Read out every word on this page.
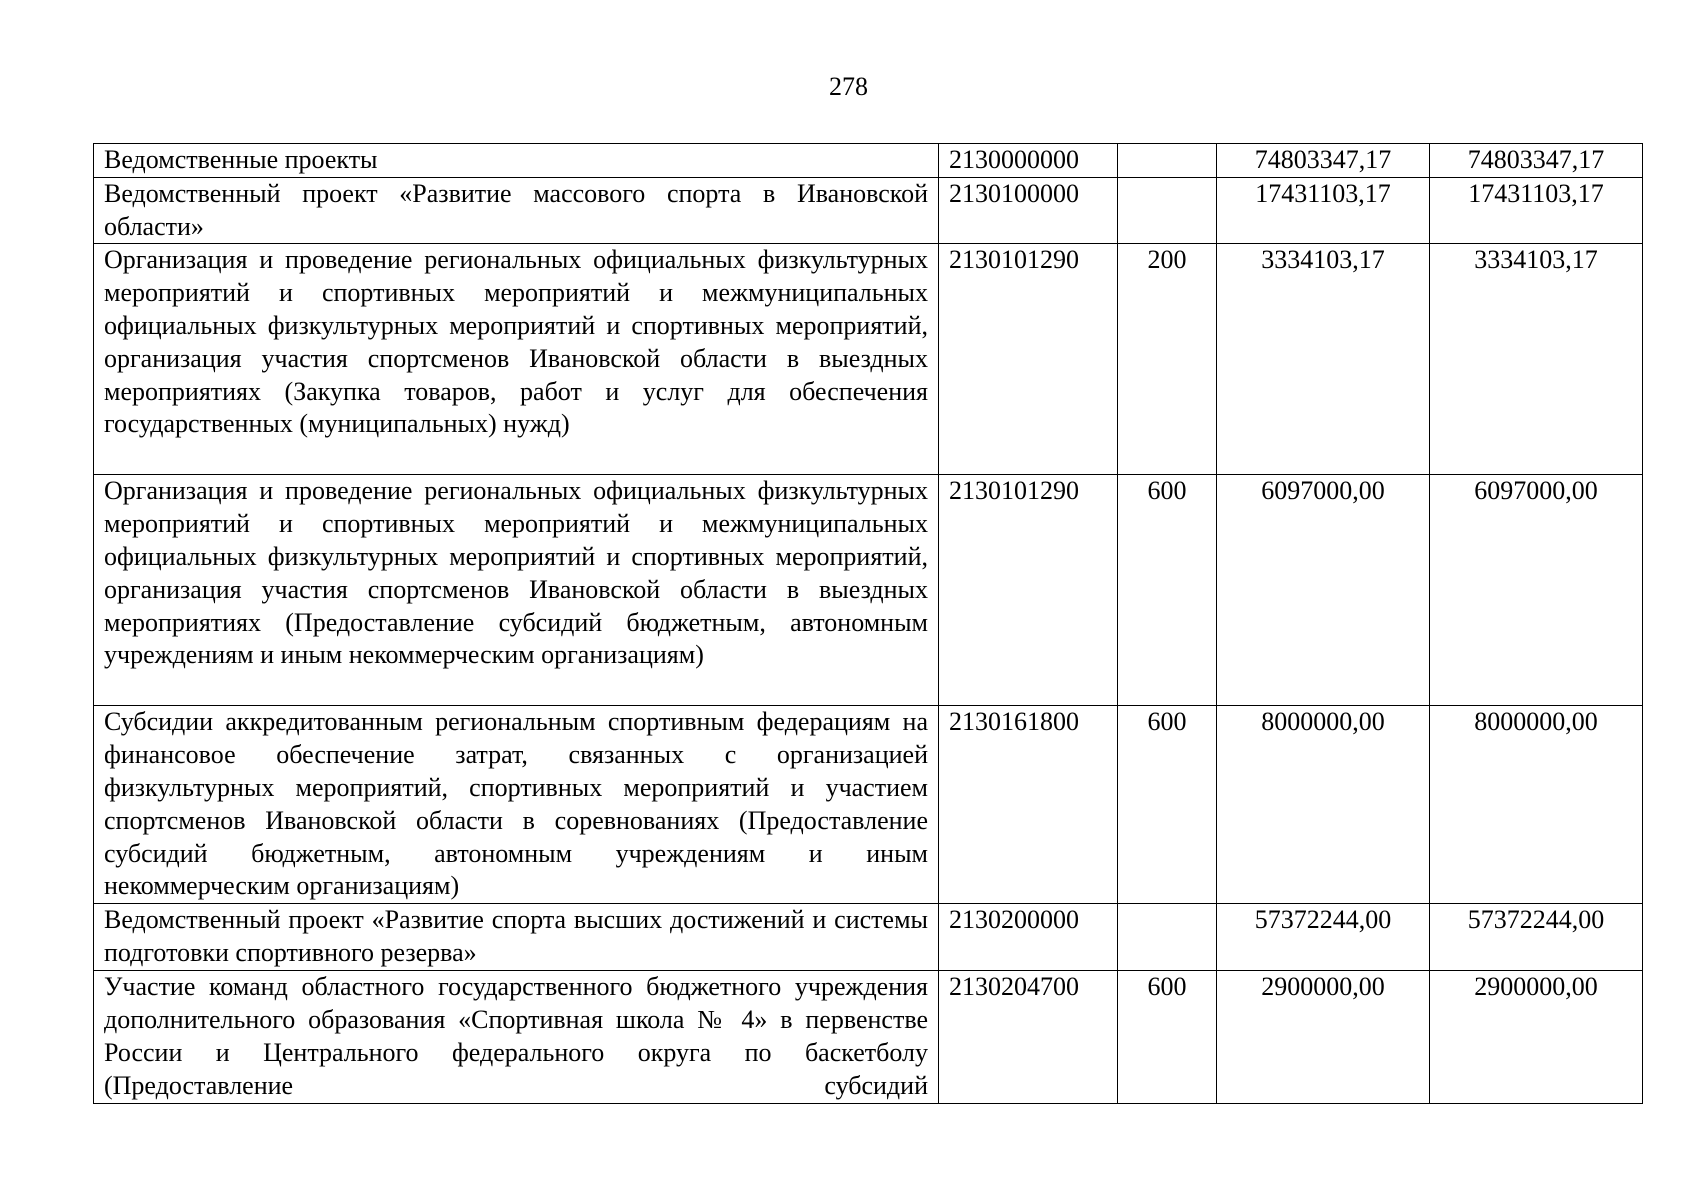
278
Ведомственные проекты	2130000000		74803347,17	74803347,17
Ведомственный проект «Развитие массового спорта в Ивановской области»	2130100000		17431103,17	17431103,17
Организация и проведение региональных официальных физкультурных мероприятий и спортивных мероприятий и межмуниципальных официальных физкультурных мероприятий и спортивных мероприятий, организация участия спортсменов Ивановской области в выездных мероприятиях (Закупка товаров, работ и услуг для обеспечения государственных (муниципальных) нужд)	2130101290	200	3334103,17	3334103,17
Организация и проведение региональных официальных физкультурных мероприятий и спортивных мероприятий и межмуниципальных официальных физкультурных мероприятий и спортивных мероприятий, организация участия спортсменов Ивановской области в выездных мероприятиях (Предоставление субсидий бюджетным, автономным учреждениям и иным некоммерческим организациям)	2130101290	600	6097000,00	6097000,00
Субсидии аккредитованным региональным спортивным федерациям на финансовое обеспечение затрат, связанных с организацией физкультурных мероприятий, спортивных мероприятий и участием спортсменов Ивановской области в соревнованиях (Предоставление субсидий бюджетным, автономным учреждениям и иным некоммерческим организациям)	2130161800	600	8000000,00	8000000,00
Ведомственный проект «Развитие спорта высших достижений и системы подготовки спортивного резерва»	2130200000		57372244,00	57372244,00
Участие команд областного государственного бюджетного учреждения дополнительного образования «Спортивная школа № 4» в первенстве России и Центрального федерального округа по баскетболу (Предоставление субсидий	2130204700	600	2900000,00	2900000,00
